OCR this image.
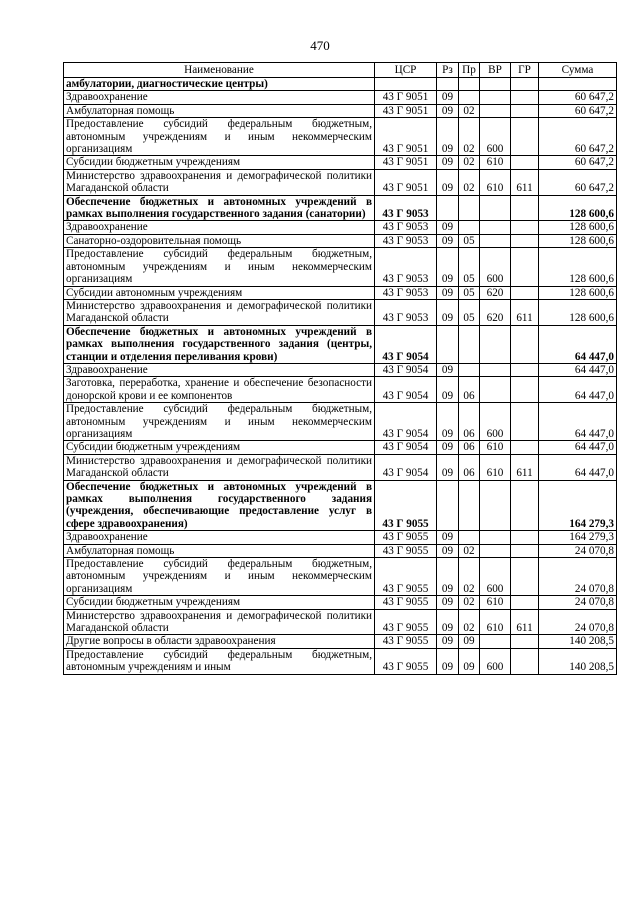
470
Наименование	ЦСР	Рз	Пр	ВР	ГР	Сумма
амбулатории, диагностические центры)						
Здравоохранение	43 Г 9051	09				60 647,2
Амбулаторная помощь	43 Г 9051	09	02			60 647,2
Предоставление субсидий федеральным бюджетным, автономным учреждениям и иным некоммерческим организациям	43 Г 9051	09	02	600		60 647,2
Субсидии бюджетным учреждениям	43 Г 9051	09	02	610		60 647,2
Министерство здравоохранения и демографической политики Магаданской области	43 Г 9051	09	02	610	611	60 647,2
Обеспечение бюджетных и автономных учреждений в рамках выполнения государственного задания (санатории)	43 Г 9053					128 600,6
Здравоохранение	43 Г 9053	09				128 600,6
Санаторно-оздоровительная помощь	43 Г 9053	09	05			128 600,6
Предоставление субсидий федеральным бюджетным, автономным учреждениям и иным некоммерческим организациям	43 Г 9053	09	05	600		128 600,6
Субсидии автономным учреждениям	43 Г 9053	09	05	620		128 600,6
Министерство здравоохранения и демографической политики Магаданской области	43 Г 9053	09	05	620	611	128 600,6
Обеспечение бюджетных и автономных учреждений в рамках выполнения государственного задания (центры, станции и отделения переливания крови)	43 Г 9054					64 447,0
Здравоохранение	43 Г 9054	09				64 447,0
Заготовка, переработка, хранение и обеспечение безопасности донорской крови и ее компонентов	43 Г 9054	09	06			64 447,0
Предоставление субсидий федеральным бюджетным, автономным учреждениям и иным некоммерческим организациям	43 Г 9054	09	06	600		64 447,0
Субсидии бюджетным учреждениям	43 Г 9054	09	06	610		64 447,0
Министерство здравоохранения и демографической политики Магаданской области	43 Г 9054	09	06	610	611	64 447,0
Обеспечение бюджетных и автономных учреждений в рамках выполнения государственного задания (учреждения, обеспечивающие предоставление услуг в сфере здравоохранения)	43 Г 9055					164 279,3
Здравоохранение	43 Г 9055	09				164 279,3
Амбулаторная помощь	43 Г 9055	09	02			24 070,8
Предоставление субсидий федеральным бюджетным, автономным учреждениям и иным некоммерческим организациям	43 Г 9055	09	02	600		24 070,8
Субсидии бюджетным учреждениям	43 Г 9055	09	02	610		24 070,8
Министерство здравоохранения и демографической политики Магаданской области	43 Г 9055	09	02	610	611	24 070,8
Другие вопросы в области здравоохранения	43 Г 9055	09	09			140 208,5
Предоставление субсидий федеральным бюджетным, автономным учреждениям и иным	43 Г 9055	09	09	600		140 208,5
